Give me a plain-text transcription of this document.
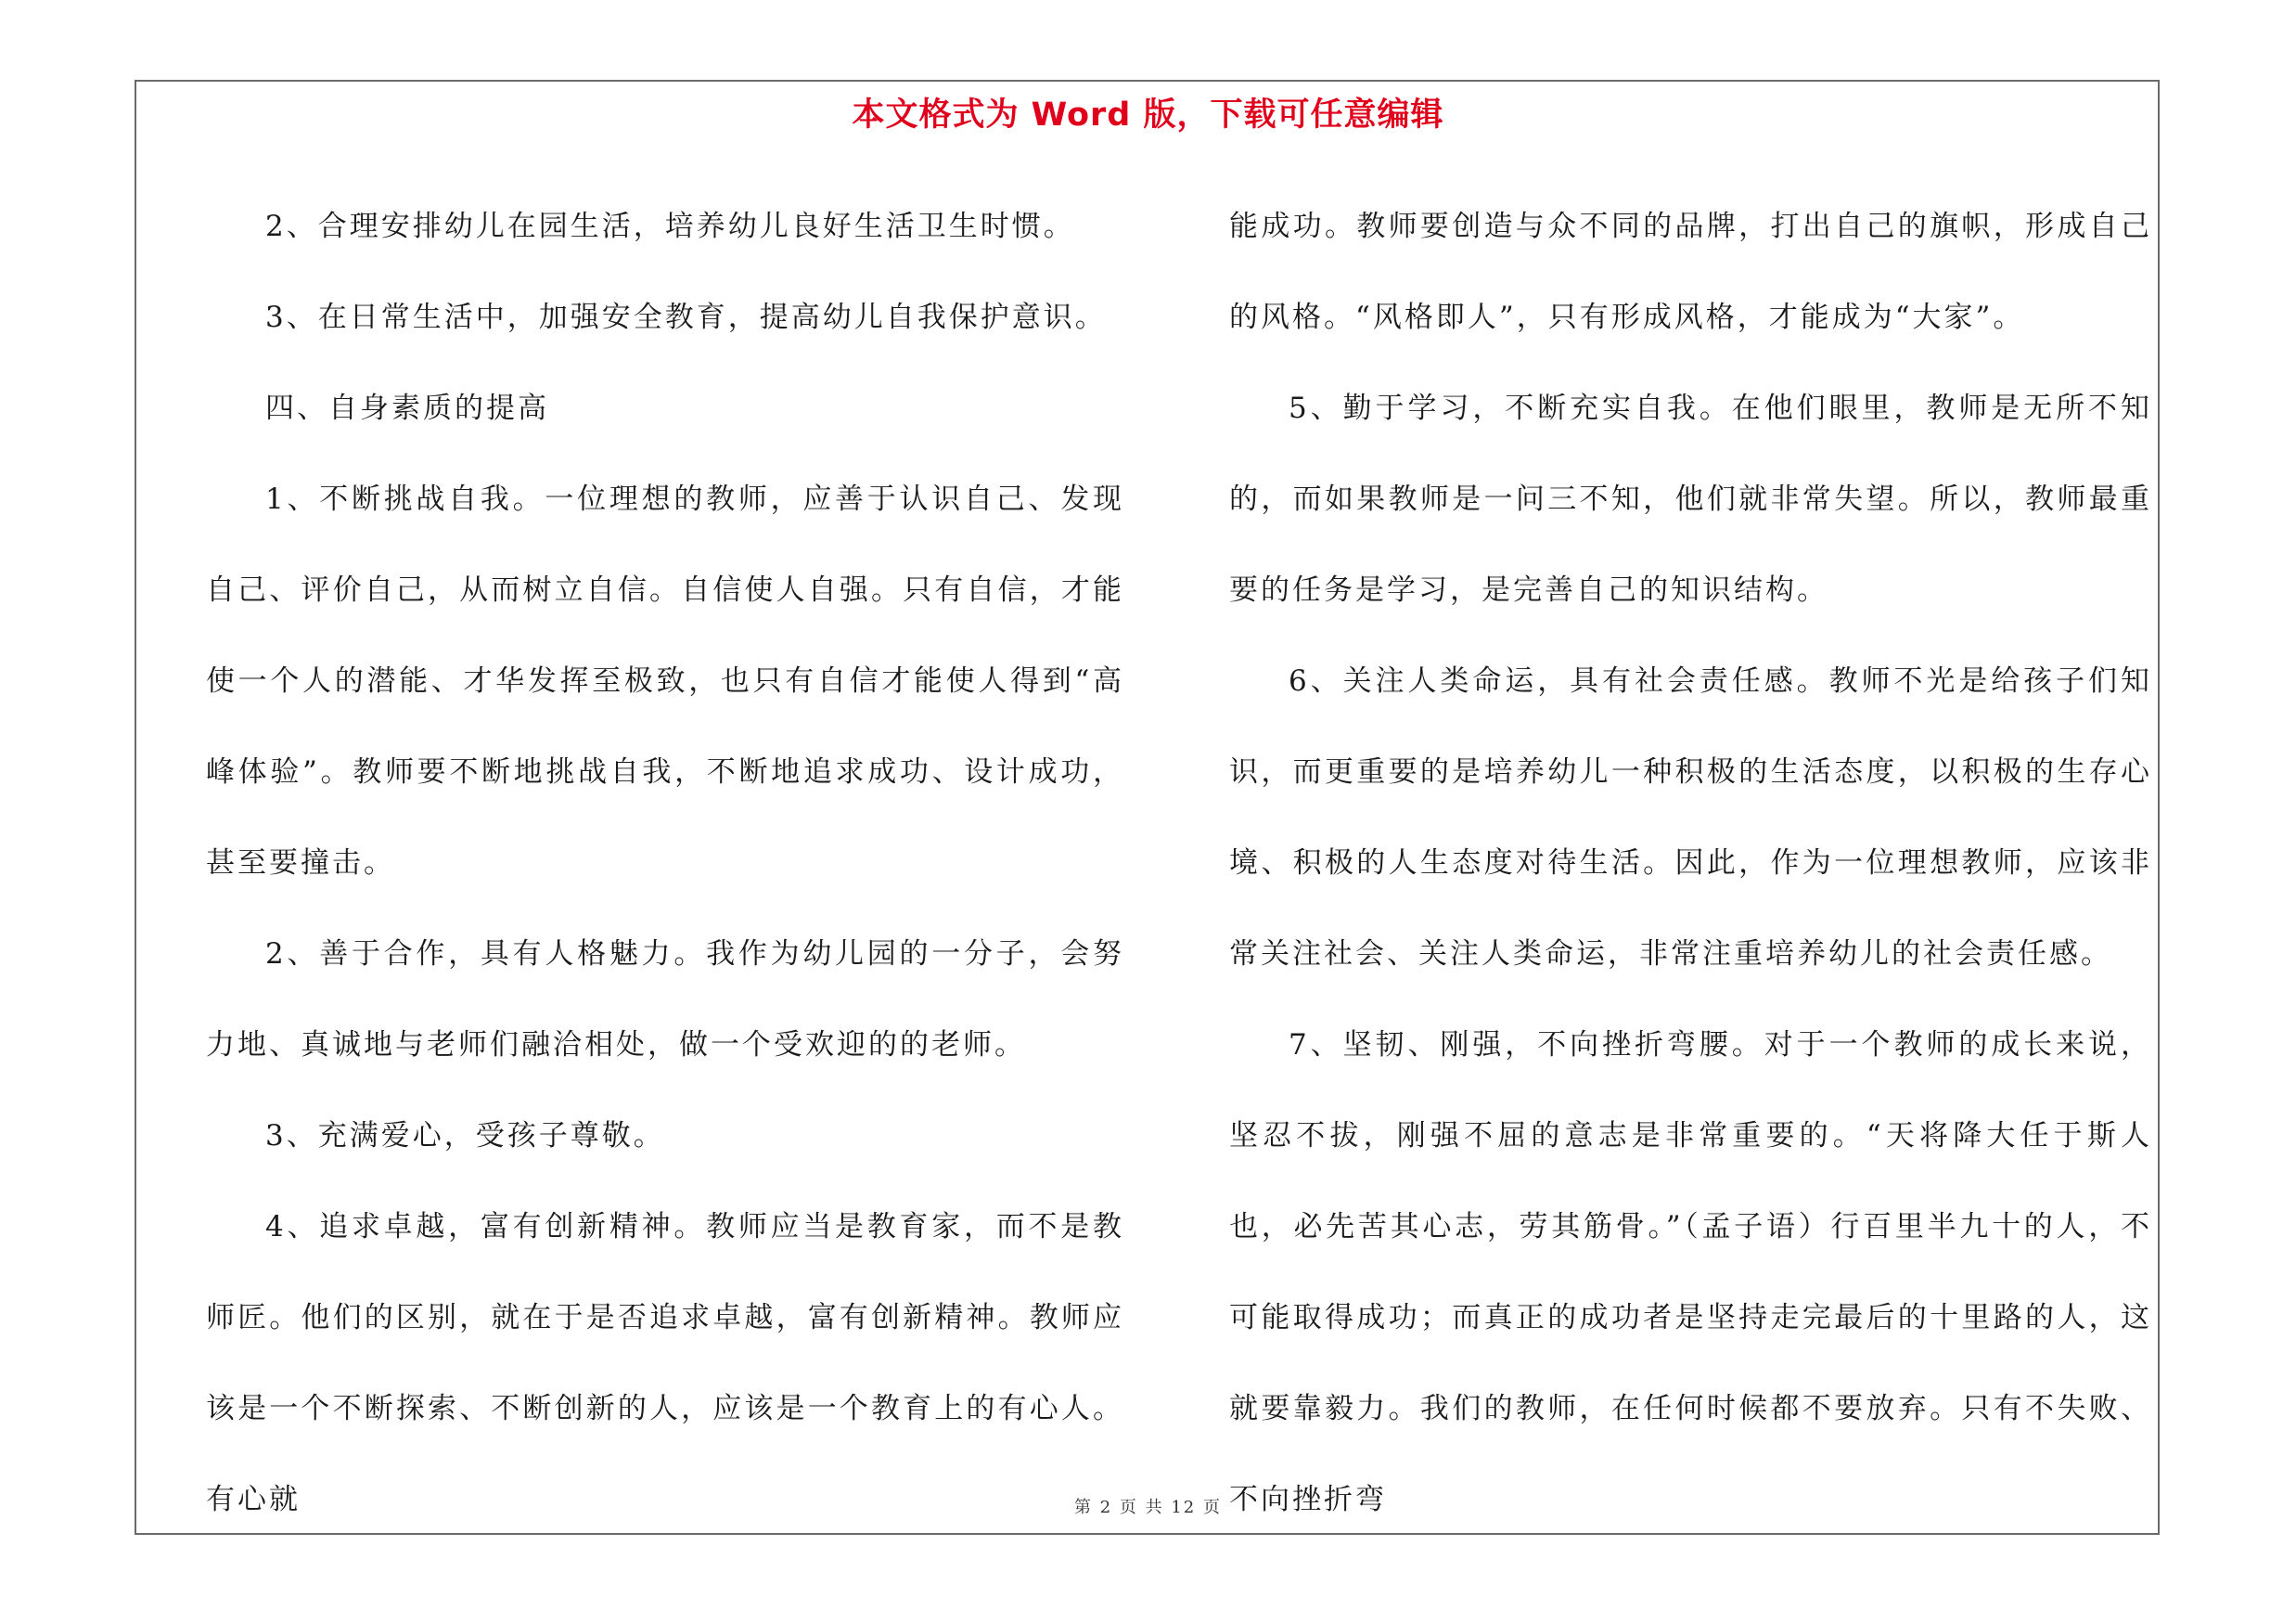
本文格式为 Word 版，下载可任意编辑

2、合理安排幼儿在园生活，培养幼儿良好生活卫生时惯。

3、在日常生活中，加强安全教育，提高幼儿自我保护意识。

四、自身素质的提高

1、不断挑战自我。一位理想的教师，应善于认识自己、发现自己、评价自己，从而树立自信。自信使人自强。只有自信，才能使一个人的潜能、才华发挥至极致，也只有自信才能使人得到“高峰体验”。教师要不断地挑战自我，不断地追求成功、设计成功，甚至要撞击。

2、善于合作，具有人格魅力。我作为幼儿园的一分子，会努力地、真诚地与老师们融洽相处，做一个受欢迎的的老师。

3、充满爱心，受孩子尊敬。

4、追求卓越，富有创新精神。教师应当是教育家，而不是教师匠。他们的区别，就在于是否追求卓越，富有创新精神。教师应该是一个不断探索、不断创新的人，应该是一个教育上的有心人。有心就

能成功。教师要创造与众不同的品牌，打出自己的旗帜，形成自己的风格。“风格即人”，只有形成风格，才能成为“大家”。

5、勤于学习，不断充实自我。在他们眼里，教师是无所不知的，而如果教师是一问三不知，他们就非常失望。所以，教师最重要的任务是学习，是完善自己的知识结构。

6、关注人类命运，具有社会责任感。教师不光是给孩子们知识，而更重要的是培养幼儿一种积极的生活态度，以积极的生存心境、积极的人生态度对待生活。因此，作为一位理想教师，应该非常关注社会、关注人类命运，非常注重培养幼儿的社会责任感。

7、坚韧、刚强，不向挫折弯腰。对于一个教师的成长来说，坚忍不拔，刚强不屈的意志是非常重要的。“天将降大任于斯人也，必先苦其心志，劳其筋骨。”（孟子语）行百里半九十的人，不可能取得成功；而真正的成功者是坚持走完最后的十里路的人，这就要靠毅力。我们的教师，在任何时候都不要放弃。只有不失败、不向挫折弯

第 2 页 共 12 页
